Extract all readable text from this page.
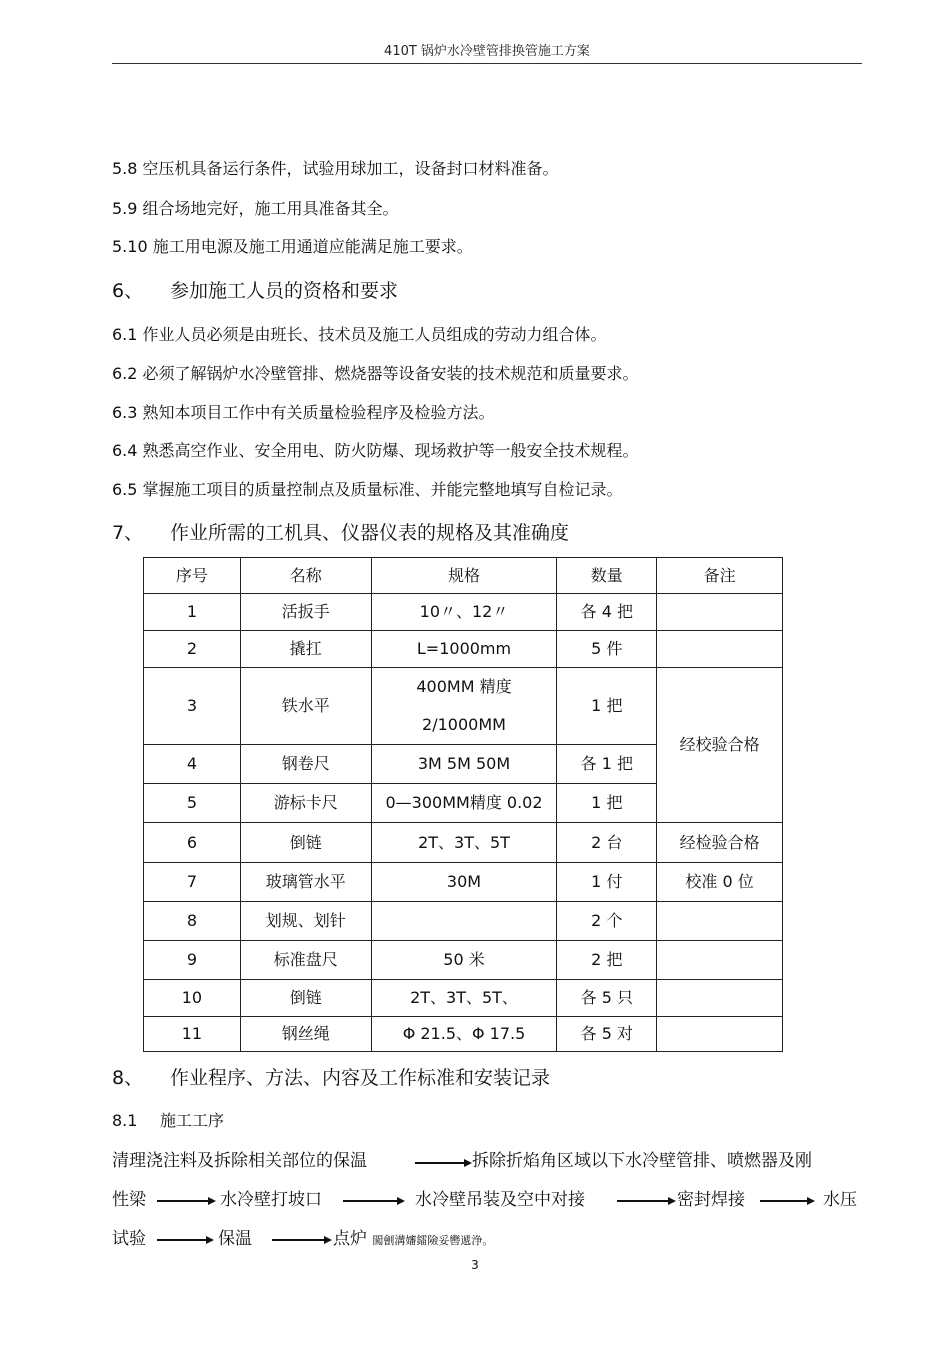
410T 锅炉水冷壁管排换管施工方案
5.8 空压机具备运行条件，试验用球加工，设备封口材料准备。
5.9 组合场地完好，施工用具准备其全。
5.10 施工用电源及施工用通道应能满足施工要求。
6、 参加施工人员的资格和要求
6.1 作业人员必须是由班长、技术员及施工人员组成的劳动力组合体。
6.2 必须了解锅炉水冷壁管排、燃烧器等设备安装的技术规范和质量要求。
6.3 熟知本项目工作中有关质量检验程序及检验方法。
6.4 熟悉高空作业、安全用电、防火防爆、现场救护等一般安全技术规程。
6.5 掌握施工项目的质量控制点及质量标准、并能完整地填写自检记录。
7、 作业所需的工机具、仪器仪表的规格及其准确度
序号	名称	规格	数量	备注
1	活扳手	10〃、12〃	各 4 把	
2	撬扛	L=1000mm	5 件	
3	铁水平	400MM 精度
2/1000MM	1 把	经校验合格
4	钢卷尺	3M 5M 50M	各 1 把	
5	游标卡尺	0—300MM精度 0.02	1 把	
6	倒链	2T、3T、5T	2 台	经检验合格
7	玻璃管水平	30M	1 付	校准 0 位
8	划规、划针		2 个	
9	标准盘尺	50 米	2 把	
10	倒链	2T、3T、5T、	各 5 只	
11	钢丝绳	Φ 21.5、Φ 17.5	各 5 对	
8、 作业程序、方法、内容及工作标准和安装记录
8.1 施工工序
清理浇注料及拆除相关部位的保温	拆除折焰角区域以下水冷壁管排、喷燃器及刚
性梁	水冷壁打坡口	水冷壁吊装及空中对接	密封焊接	水压
试验	保温	点炉 闖劊溝嬸鐳險妥轡遞浄。
3
